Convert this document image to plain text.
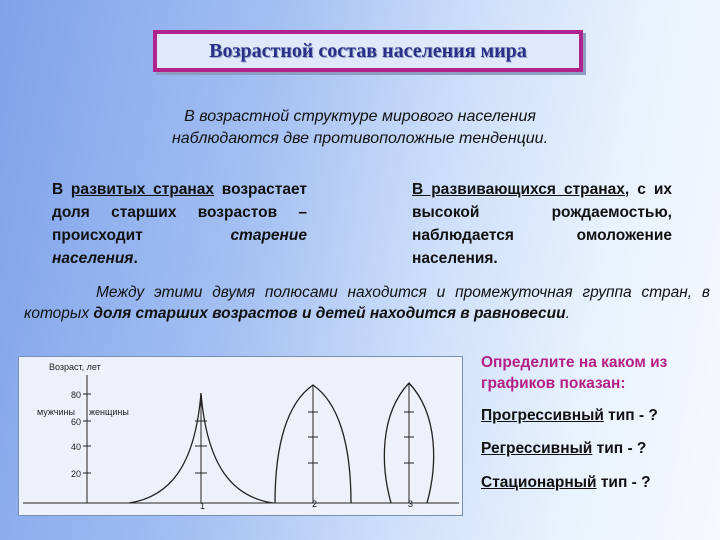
Возрастной состав населения мира
В возрастной структуре мирового населения
наблюдаются две противоположные тенденции.
В развитых странах возрастает доля старших возрастов – происходит	старение населения.
В развивающихся странах, с их высокой рождаемостью, наблюдается	омоложение населения.
Между этими двумя полюсами находится и промежуточная группа стран, в которых доля старших возрастов и детей находится в равновесии.
Возраст, лет
мужчины женщины
80
60
40
20
1	2	3

Определите на каком из графиков показан:

Прогрессивный тип - ?

Регрессивный тип - ?

Стационарный тип - ?
